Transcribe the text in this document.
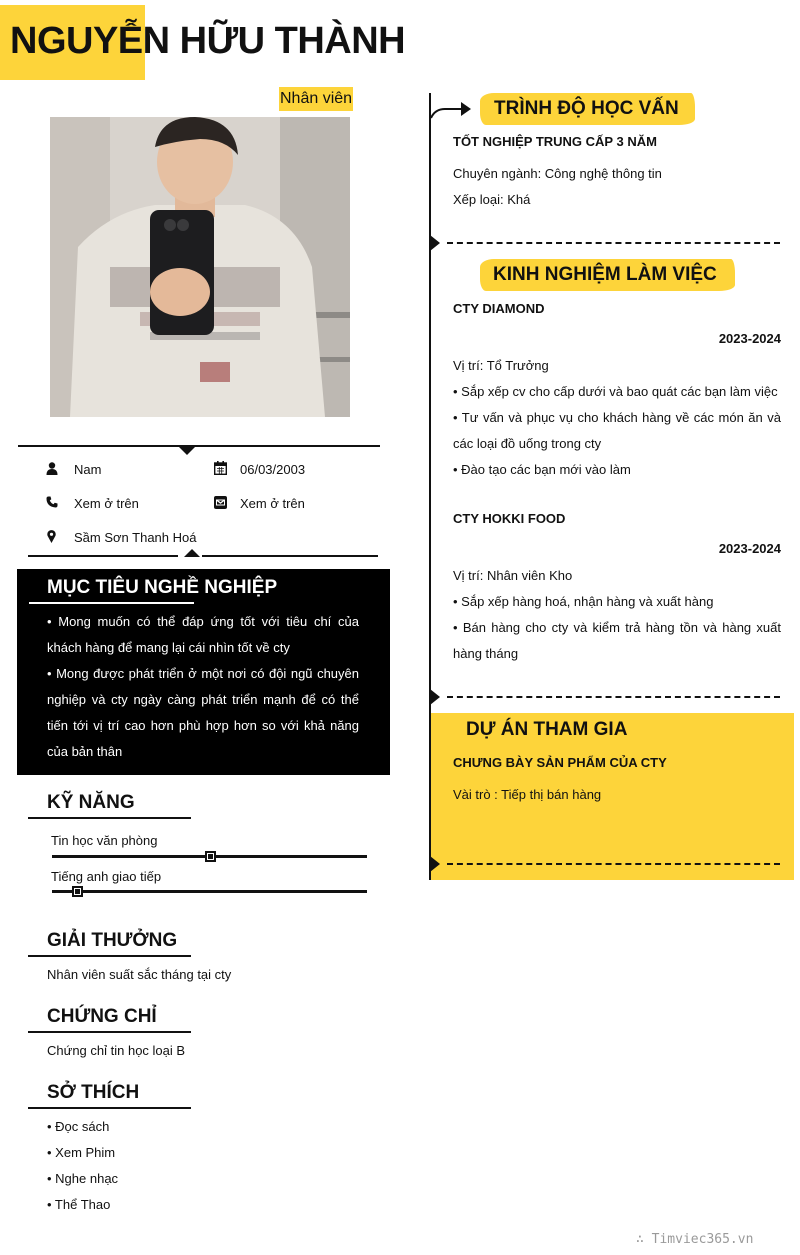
NGUYỄN HỮU THÀNH
Nhân viên
Nam	06/03/2003
Xem ở trên	Xem ở trên
Sầm Sơn Thanh Hoá
MỤC TIÊU NGHỀ NGHIỆP
• Mong muốn có thể đáp ứng tốt với tiêu chí của khách hàng để mang lại cái nhìn tốt về cty
• Mong được phát triển ở một nơi có đội ngũ chuyên nghiệp và cty ngày càng phát triển mạnh để có thể tiến tới vị trí cao hơn phù hợp hơn so với khả năng của bản thân
KỸ NĂNG
Tin học văn phòng
Tiếng anh giao tiếp
GIẢI THƯỞNG
Nhân viên suất sắc tháng tại cty
CHỨNG CHỈ
Chứng chỉ tin học loại B
SỞ THÍCH
• Đọc sách
• Xem Phim
• Nghe nhạc
• Thể Thao
TRÌNH ĐỘ HỌC VẤN
TỐT NGHIỆP TRUNG CẤP 3 NĂM
Chuyên ngành: Công nghệ thông tin
Xếp loại: Khá
KINH NGHIỆM LÀM VIỆC
CTY DIAMOND
2023-2024
Vị trí: Tổ Trưởng
• Sắp xếp cv cho cấp dưới và bao quát các bạn làm việc
• Tư vấn và phục vụ cho khách hàng về các món ăn và các loại đồ uống trong cty
• Đào tạo các bạn mới vào làm
CTY HOKKI FOOD
2023-2024
Vị trí: Nhân viên Kho
• Sắp xếp hàng hoá, nhận hàng và xuất hàng
• Bán hàng cho cty và kiểm trả hàng tồn và hàng xuất hàng tháng
DỰ ÁN THAM GIA
CHƯNG BÀY SẢN PHẨM CỦA CTY
Vài trò : Tiếp thị bán hàng
∴ Timviec365.vn
